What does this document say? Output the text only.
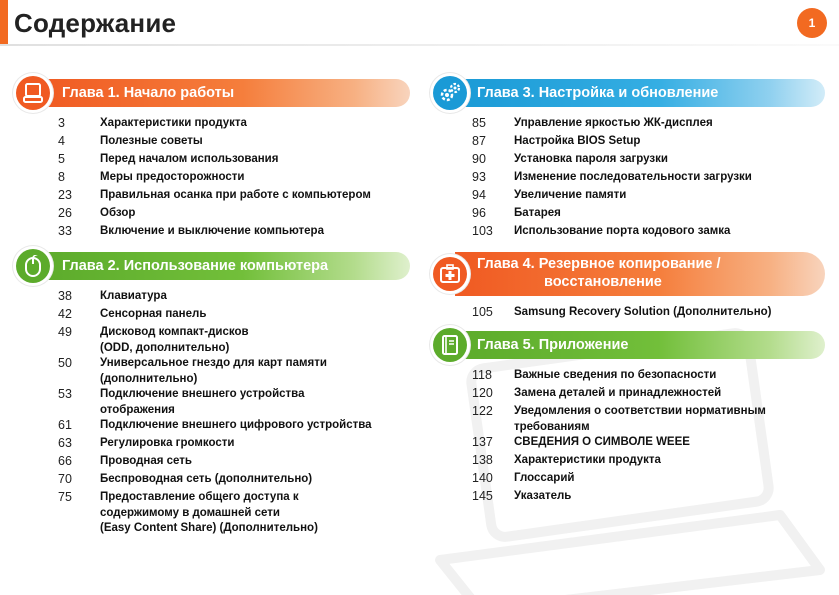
Содержание	1
Глава 1. Начало работы
3	Характеристики продукта
4	Полезные советы
5	Перед началом использования
8	Меры предосторожности
23	Правильная осанка при работе с компьютером
26	Обзор
33	Включение и выключение компьютера
Глава 2. Использование компьютера
38	Клавиатура
42	Сенсорная панель
49	Дисковод компакт-дисков
(ODD, дополнительно)
50	Универсальное гнездо для карт памяти
(дополнительно)
53	Подключение внешнего устройства
отображения
61	Подключение внешнего цифрового устройства
63	Регулировка громкости
66	Проводная сеть
70	Беспроводная сеть (дополнительно)
75	Предоставление общего доступа к
содержимому в домашней сети
(Easy Content Share) (Дополнительно)
Глава 3. Настройка и обновление
85	Управление яркостью ЖК-дисплея
87	Настройка BIOS Setup
90	Установка пароля загрузки
93	Изменение последовательности загрузки
94	Увеличение памяти
96	Батарея
103	Использование порта кодового замка
Глава 4. Резервное копирование /
восстановление
105	Samsung Recovery Solution (Дополнительно)
Глава 5. Приложение
118	Важные сведения по безопасности
120	Замена деталей и принадлежностей
122	Уведомления о соответствии нормативным
требованиям
137	СВЕДЕНИЯ О СИМВОЛЕ WEEE
138	Характеристики продукта
140	Глоссарий
145	Указатель
